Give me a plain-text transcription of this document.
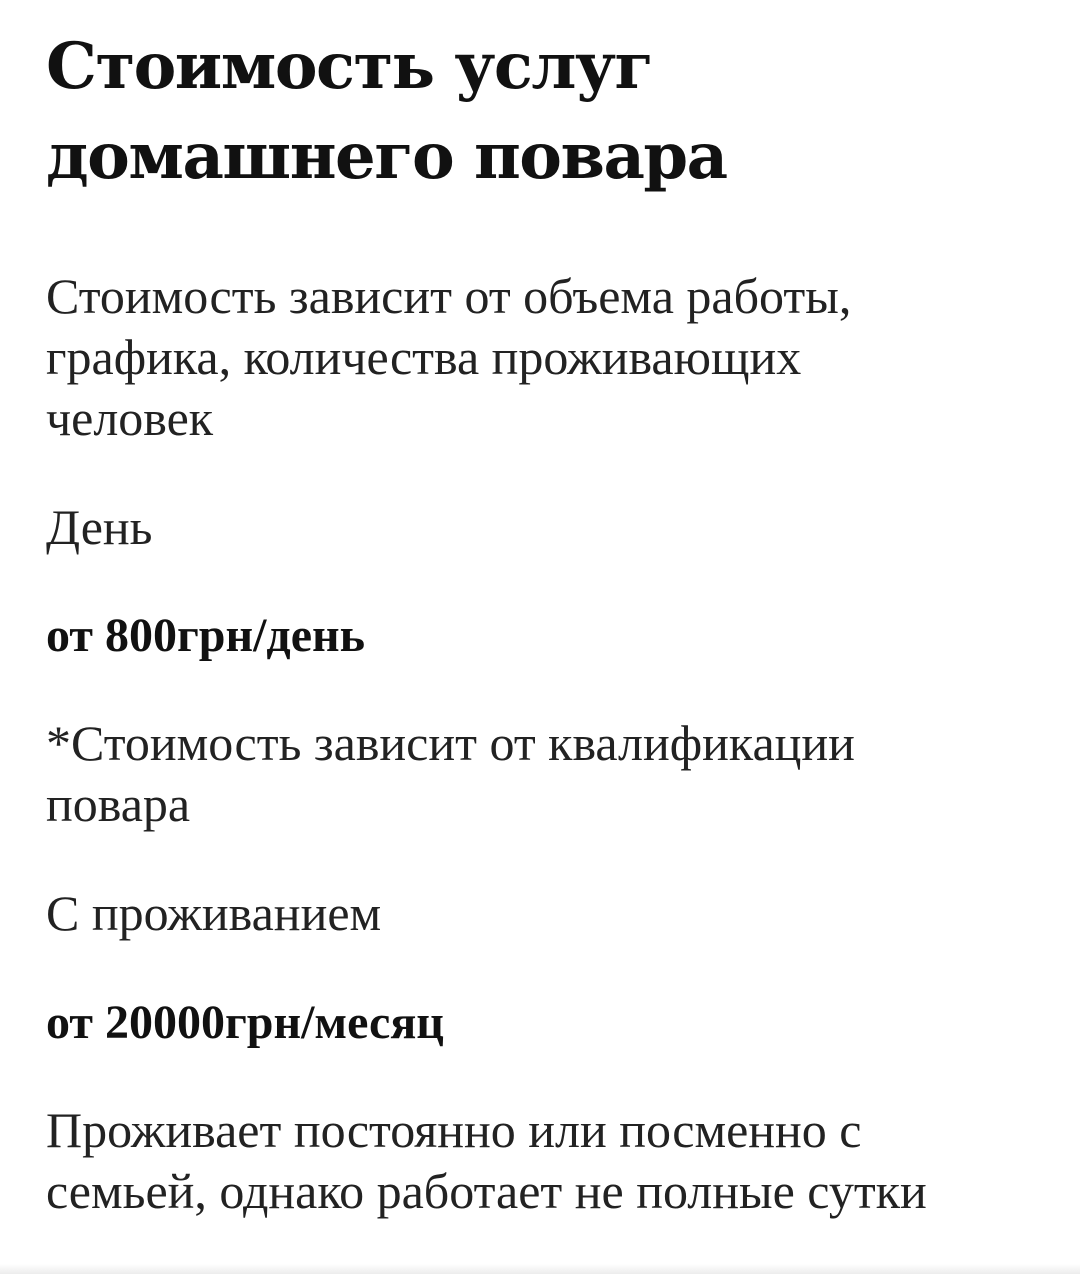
Стоимость услуг
домашнего повара

Стоимость зависит от объема работы,
графика, количества проживающих
человек

День

от 800грн/день

*Стоимость зависит от квалификации
повара

С проживанием

от 20000грн/месяц

Проживает постоянно или посменно с
семьей, однако работает не полные сутки
